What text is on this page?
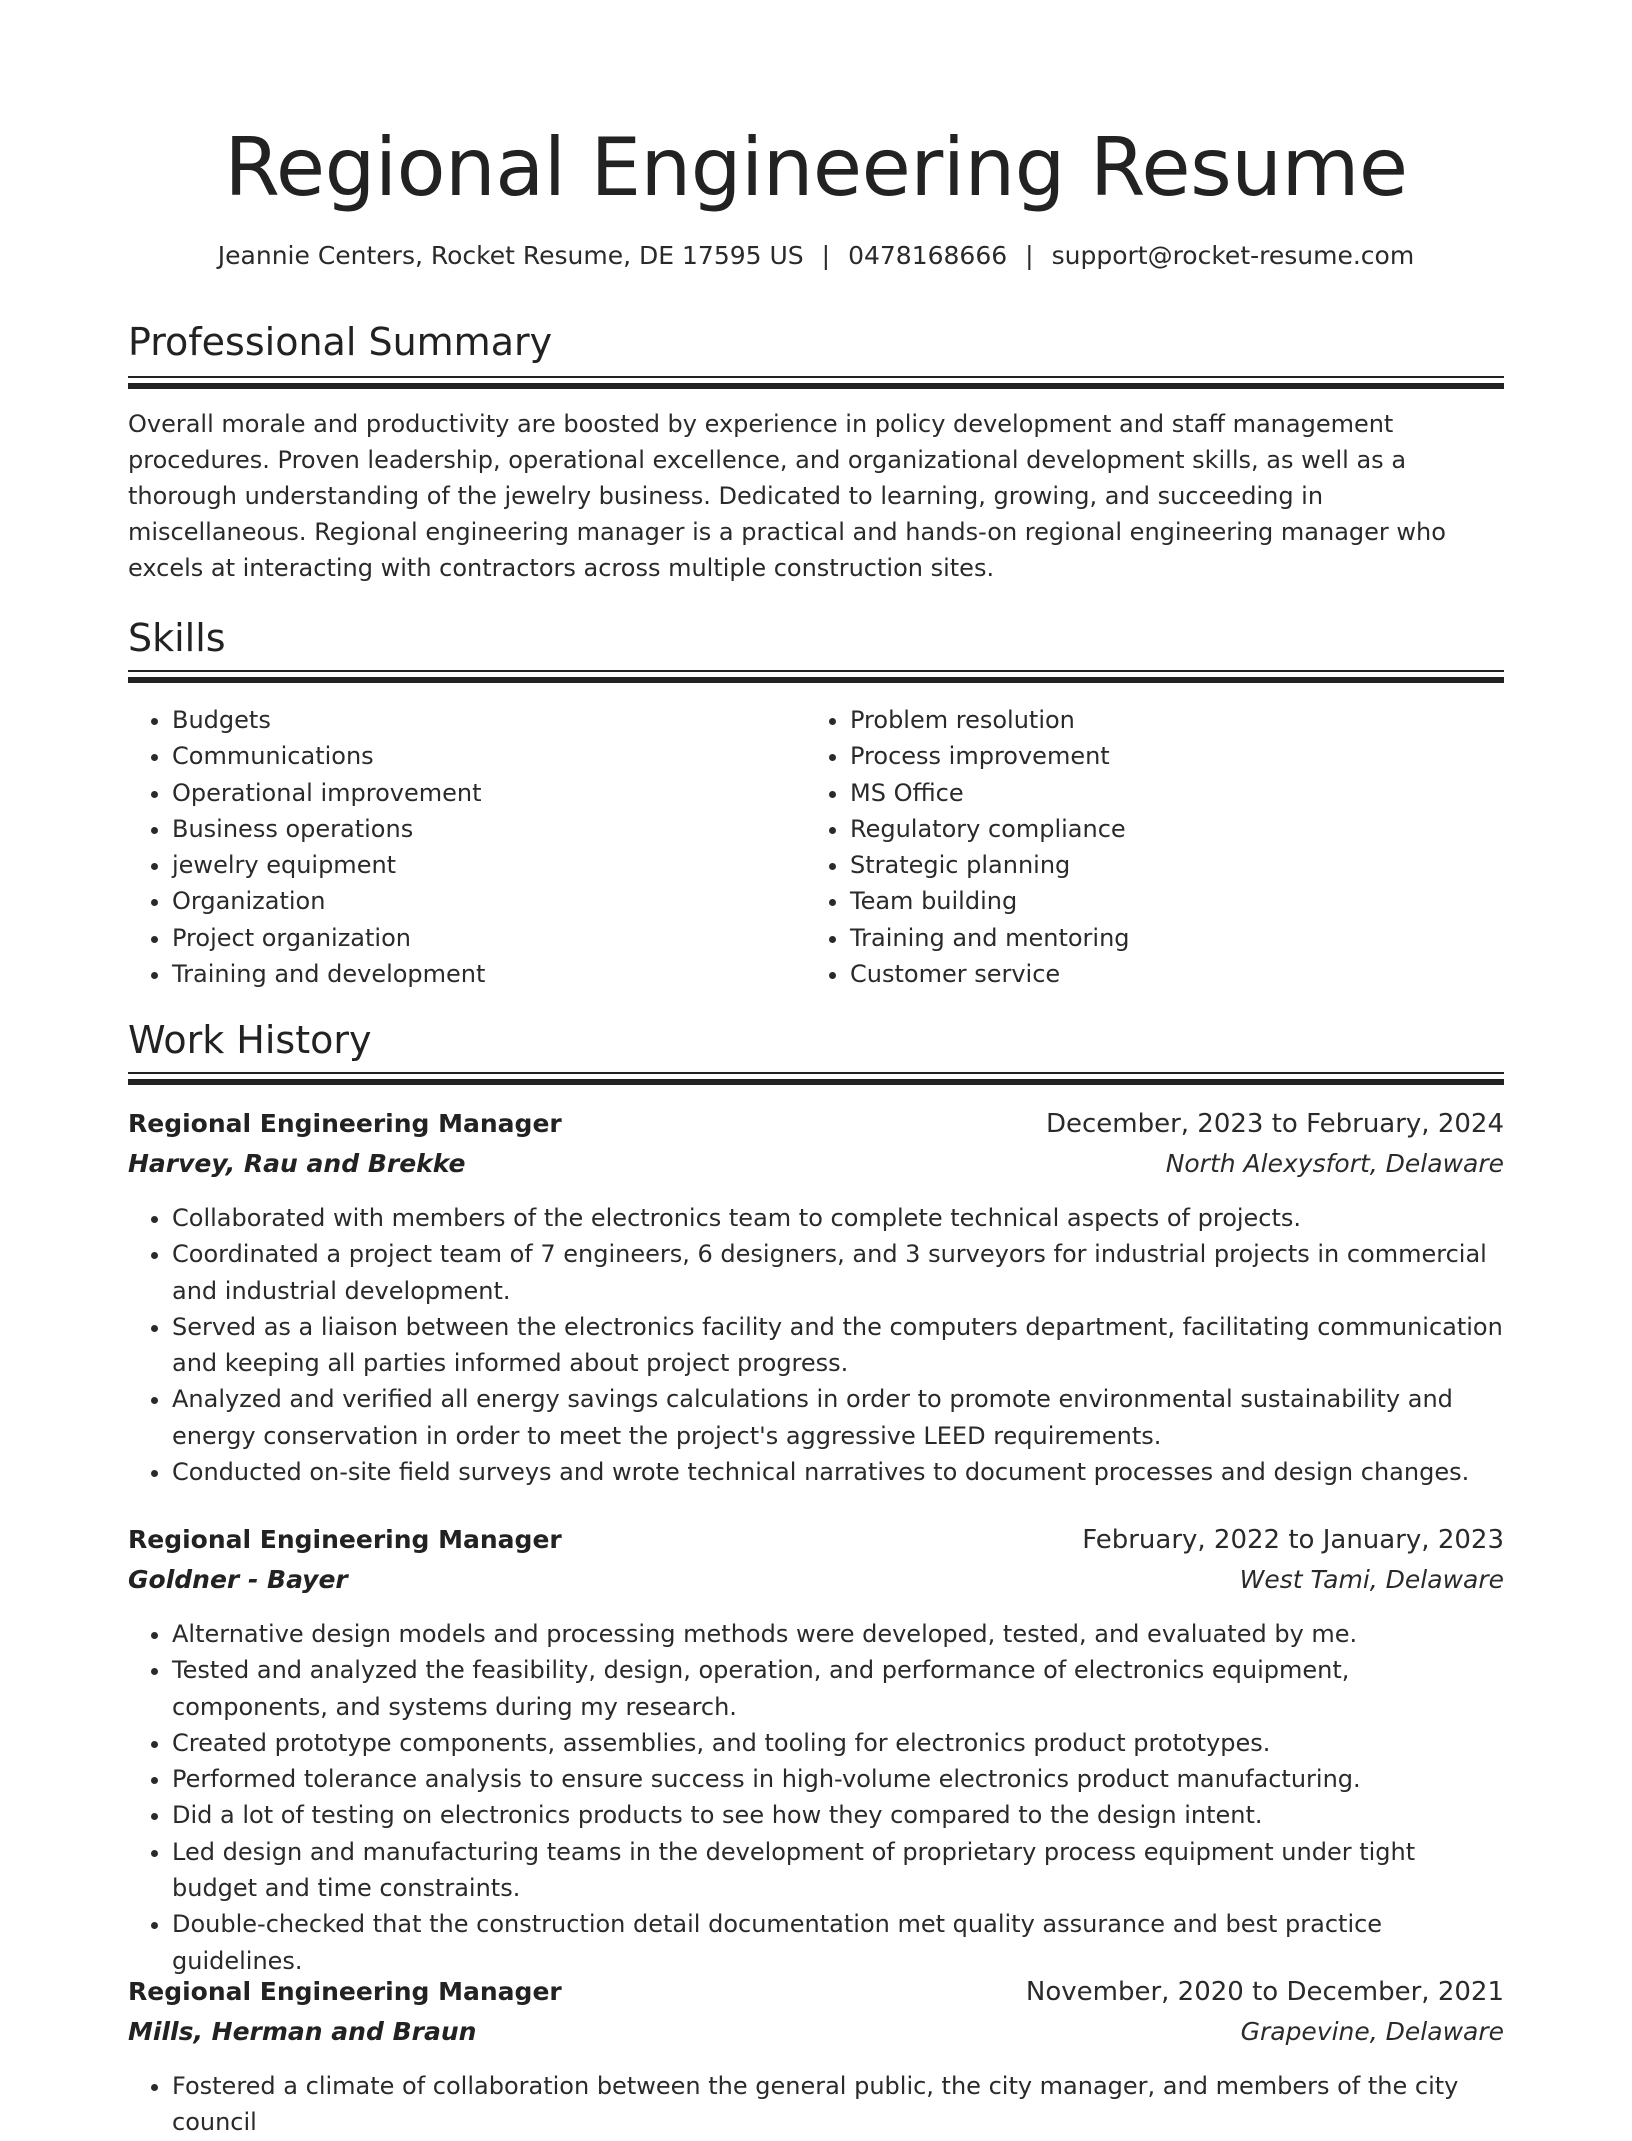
Regional Engineering Resume
Jeannie Centers, Rocket Resume, DE 17595 US | 0478168666 | support@rocket-resume.com
Professional Summary
Overall morale and productivity are boosted by experience in policy development and staff management procedures. Proven leadership, operational excellence, and organizational development skills, as well as a thorough understanding of the jewelry business. Dedicated to learning, growing, and succeeding in miscellaneous. Regional engineering manager is a practical and hands-on regional engineering manager who excels at interacting with contractors across multiple construction sites.
Skills
• Budgets
• Communications
• Operational improvement
• Business operations
• jewelry equipment
• Organization
• Project organization
• Training and development
• Problem resolution
• Process improvement
• MS Office
• Regulatory compliance
• Strategic planning
• Team building
• Training and mentoring
• Customer service
Work History
Regional Engineering Manager	December, 2023 to February, 2024
Harvey, Rau and Brekke	North Alexysfort, Delaware
• Collaborated with members of the electronics team to complete technical aspects of projects.
• Coordinated a project team of 7 engineers, 6 designers, and 3 surveyors for industrial projects in commercial and industrial development.
• Served as a liaison between the electronics facility and the computers department, facilitating communication and keeping all parties informed about project progress.
• Analyzed and verified all energy savings calculations in order to promote environmental sustainability and energy conservation in order to meet the project's aggressive LEED requirements.
• Conducted on-site field surveys and wrote technical narratives to document processes and design changes.
Regional Engineering Manager	February, 2022 to January, 2023
Goldner - Bayer	West Tami, Delaware
• Alternative design models and processing methods were developed, tested, and evaluated by me.
• Tested and analyzed the feasibility, design, operation, and performance of electronics equipment, components, and systems during my research.
• Created prototype components, assemblies, and tooling for electronics product prototypes.
• Performed tolerance analysis to ensure success in high-volume electronics product manufacturing.
• Did a lot of testing on electronics products to see how they compared to the design intent.
• Led design and manufacturing teams in the development of proprietary process equipment under tight budget and time constraints.
• Double-checked that the construction detail documentation met quality assurance and best practice guidelines.
Regional Engineering Manager	November, 2020 to December, 2021
Mills, Herman and Braun	Grapevine, Delaware
• Fostered a climate of collaboration between the general public, the city manager, and members of the city council
